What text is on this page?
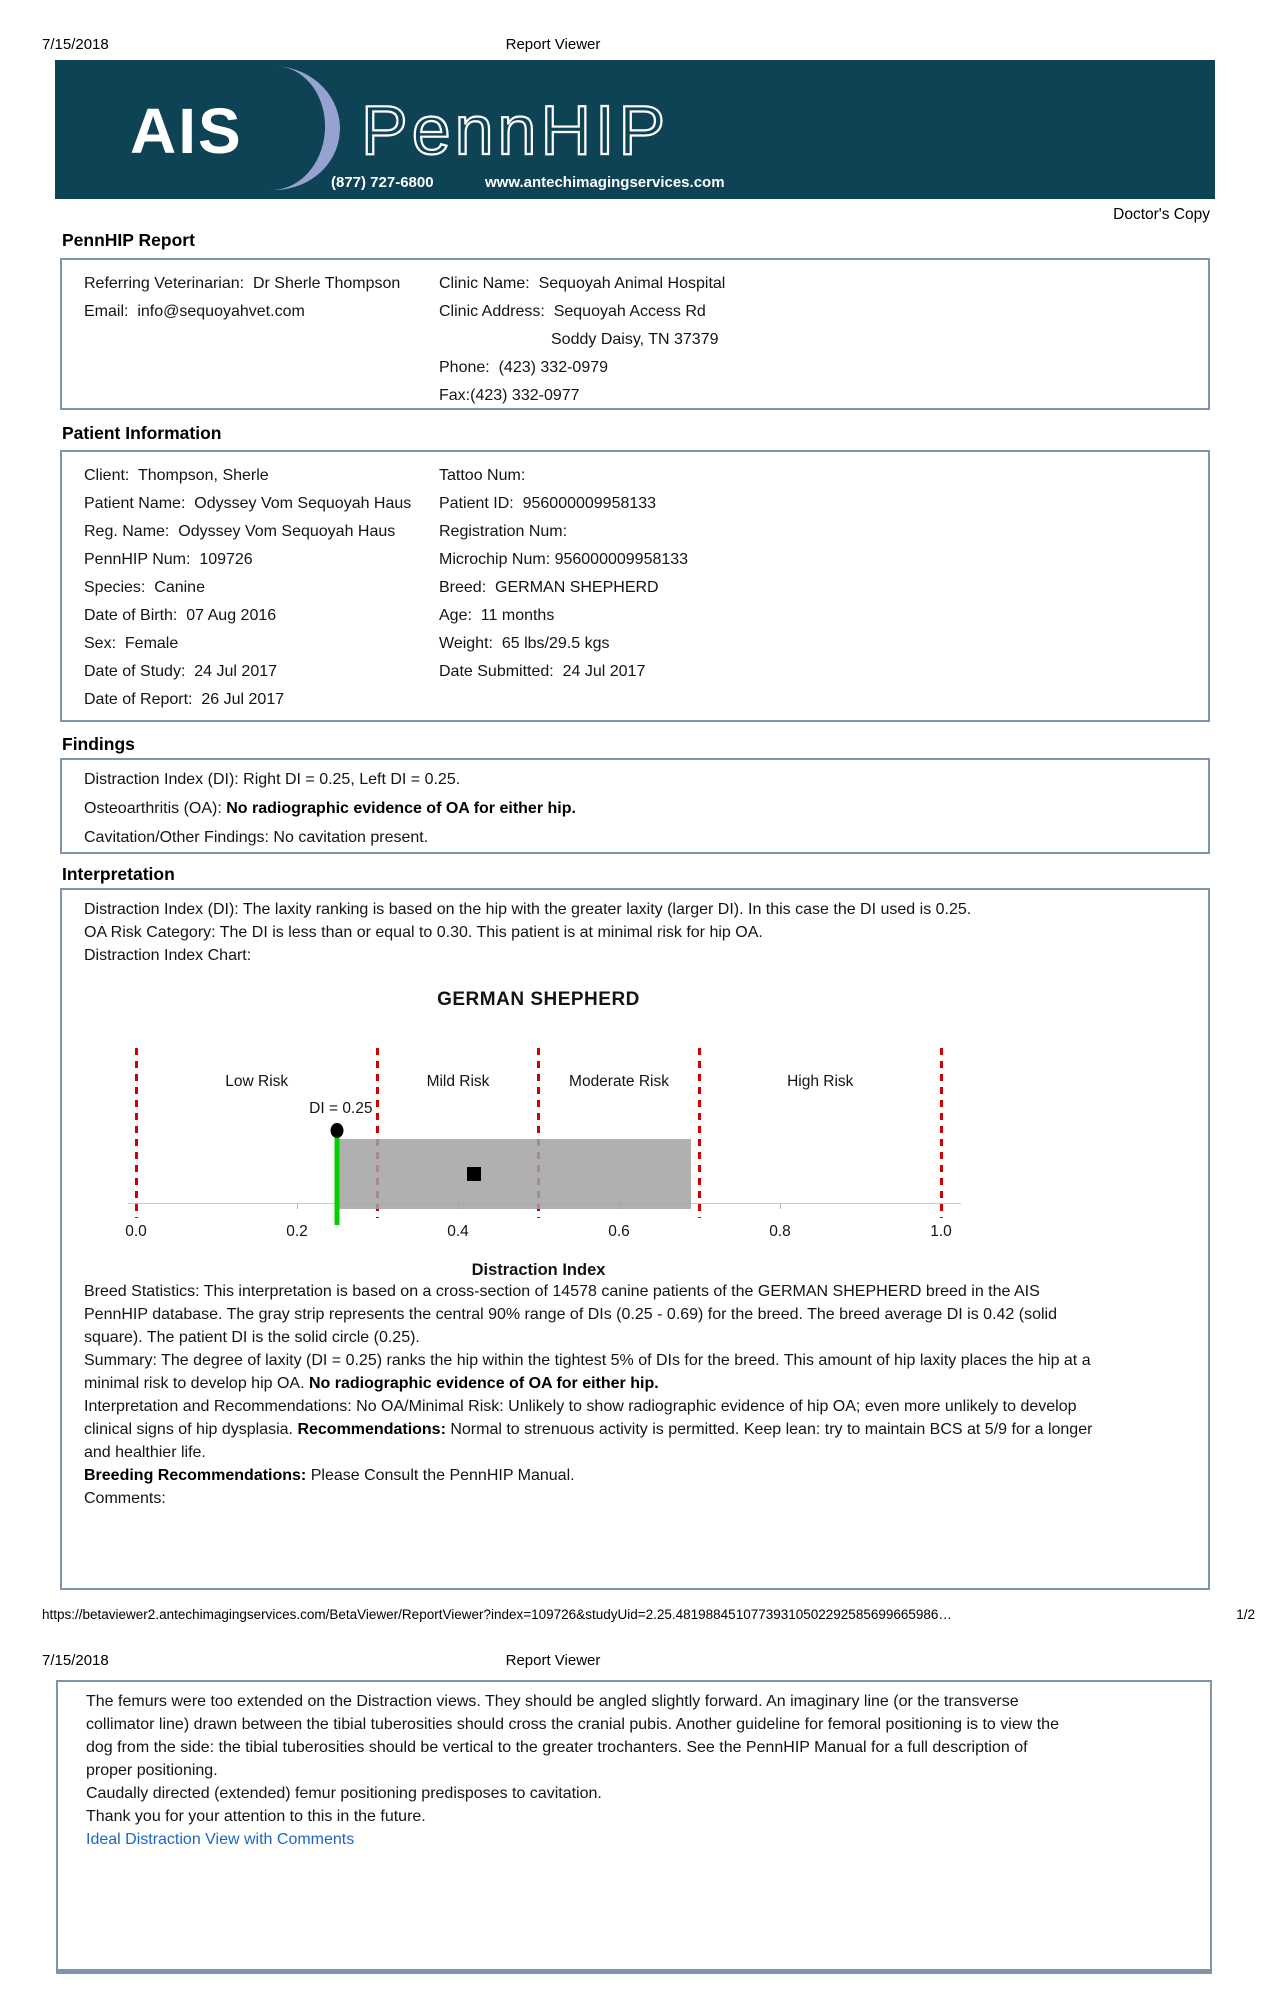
7/15/2018	Report Viewer
AIS PennHIP
(877) 727-6800	www.antechimagingservices.com
Doctor's Copy
PennHIP Report
Referring Veterinarian:  Dr Sherle Thompson
Email:  info@sequoyahvet.com
Clinic Name:  Sequoyah Animal Hospital
Clinic Address:  Sequoyah Access Rd
Soddy Daisy, TN 37379
Phone:  (423) 332-0979
Fax:(423) 332-0977
Patient Information
Client:  Thompson, Sherle
Patient Name:  Odyssey Vom Sequoyah Haus
Reg. Name:  Odyssey Vom Sequoyah Haus
PennHIP Num:  109726
Species:  Canine
Date of Birth:  07 Aug 2016
Sex:  Female
Date of Study:  24 Jul 2017
Date of Report:  26 Jul 2017
Tattoo Num:
Patient ID:  956000009958133
Registration Num:
Microchip Num: 956000009958133
Breed:  GERMAN SHEPHERD
Age:  11 months
Weight:  65 lbs/29.5 kgs
Date Submitted:  24 Jul 2017
Findings
Distraction Index (DI): Right DI = 0.25, Left DI = 0.25.
Osteoarthritis (OA): No radiographic evidence of OA for either hip.
Cavitation/Other Findings: No cavitation present.
Interpretation

Distraction Index (DI): The laxity ranking is based on the hip with the greater laxity (larger DI). In this case the DI used is 0.25.

OA Risk Category: The DI is less than or equal to 0.30. This patient is at minimal risk for hip OA.

Distraction Index Chart:

GERMAN SHEPHERD
Low Risk	Mild Risk	Moderate Risk	High Risk
DI = 0.25
0.0	0.2	0.4	0.6	0.8	1.0
Distraction Index

Breed Statistics: This interpretation is based on a cross-section of 14578 canine patients of the GERMAN SHEPHERD breed in the AIS PennHIP database. The gray strip represents the central 90% range of DIs (0.25 - 0.69) for the breed. The breed average DI is 0.42 (solid square). The patient DI is the solid circle (0.25).

Summary: The degree of laxity (DI = 0.25) ranks the hip within the tightest 5% of DIs for the breed. This amount of hip laxity places the hip at a minimal risk to develop hip OA. No radiographic evidence of OA for either hip.

Interpretation and Recommendations: No OA/Minimal Risk: Unlikely to show radiographic evidence of hip OA; even more unlikely to develop clinical signs of hip dysplasia. Recommendations: Normal to strenuous activity is permitted. Keep lean: try to maintain BCS at 5/9 for a longer and healthier life.

Breeding Recommendations: Please Consult the PennHIP Manual.

Comments:

https://betaviewer2.antechimagingservices.com/BetaViewer/ReportViewer?index=109726&studyUid=2.25.48198845107739310502292585699665986…	1/2
7/15/2018	Report Viewer

The femurs were too extended on the Distraction views. They should be angled slightly forward. An imaginary line (or the transverse collimator line) drawn between the tibial tuberosities should cross the cranial pubis. Another guideline for femoral positioning is to view the dog from the side: the tibial tuberosities should be vertical to the greater trochanters. See the PennHIP Manual for a full description of proper positioning.

Caudally directed (extended) femur positioning predisposes to cavitation.

Thank you for your attention to this in the future.

Ideal Distraction View with Comments
